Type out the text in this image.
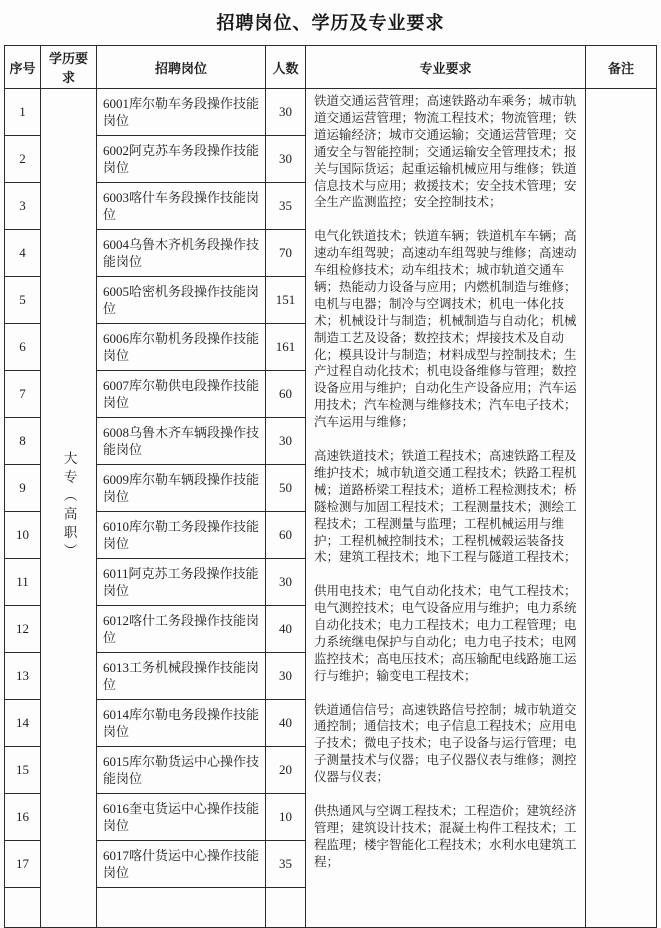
招聘岗位、学历及专业要求
序号	学历要求	招聘岗位	人数	专业要求	备注
1	大专（高职）	6001库尔勒车务段操作技能岗位	30	

铁道交通运营管理；高速铁路动车乘务；城市轨道交通运营管理；物流工程技术；物流管理；铁道运输经济；城市交通运输；交通运营管理；交通安全与智能控制；交通运输安全管理技术；报关与国际货运；起重运输机械应用与维修；铁道信息技术与应用；救援技术；安全技术管理；安全生产监测监控；安全控制技术；

电气化铁道技术；铁道车辆；铁道机车车辆；高速动车组驾驶；高速动车组驾驶与维修；高速动车组检修技术；动车组技术；城市轨道交通车辆；热能动力设备与应用；内燃机制造与维修；电机与电器；制冷与空调技术；机电一体化技术；机械设计与制造；机械制造与自动化；机械制造工艺及设备；数控技术；焊接技术及自动化；模具设计与制造；材料成型与控制技术；生产过程自动化技术；机电设备维修与管理；数控设备应用与维护；自动化生产设备应用；汽车运用技术；汽车检测与维修技术；汽车电子技术；汽车运用与维修；

高速铁道技术；铁道工程技术；高速铁路工程及维护技术；城市轨道交通工程技术；铁路工程机械；道路桥梁工程技术；道桥工程检测技术；桥隧检测与加固工程技术；工程测量技术；测绘工程技术；工程测量与监理；工程机械运用与维护；工程机械控制技术；工程机械毂运装备技术；建筑工程技术；地下工程与隧道工程技术；

供用电技术；电气自动化技术；电气工程技术；电气测控技术；电气设备应用与维护；电力系统自动化技术；电力工程技术；电力工程管理；电力系统继电保护与自动化；电力电子技术；电网监控技术；高电压技术；高压输配电线路施工运行与维护；输变电工程技术；

铁道通信信号；高速铁路信号控制；城市轨道交通控制；通信技术；电子信息工程技术；应用电子技术；微电子技术；电子设备与运行管理；电子测量技术与仪器；电子仪器仪表与维修；测控仪器与仪表；

供热通风与空调工程技术；工程造价；建筑经济管理；建筑设计技术；混凝土构件工程技术；工程监理；楼宇智能化工程技术；水利水电建筑工程；

2		6002阿克苏车务段操作技能岗位	30		
3		6003喀什车务段操作技能岗位	35		
4		6004乌鲁木齐机务段操作技能岗位	70		
5		6005哈密机务段操作技能岗位	151		
6		6006库尔勒机务段操作技能岗位	161		
7		6007库尔勒供电段操作技能岗位	60		
8		6008乌鲁木齐车辆段操作技能岗位	30		
9		6009库尔勒车辆段操作技能岗位	50		
10		6010库尔勒工务段操作技能岗位	60		
11		6011阿克苏工务段操作技能岗位	30		
12		6012喀什工务段操作技能岗位	40		
13		6013工务机械段操作技能岗位	30		
14		6014库尔勒电务段操作技能岗位	40		
15		6015库尔勒货运中心操作技能岗位	20		
16		6016奎屯货运中心操作技能岗位	10		
17		6017喀什货运中心操作技能岗位	35		
